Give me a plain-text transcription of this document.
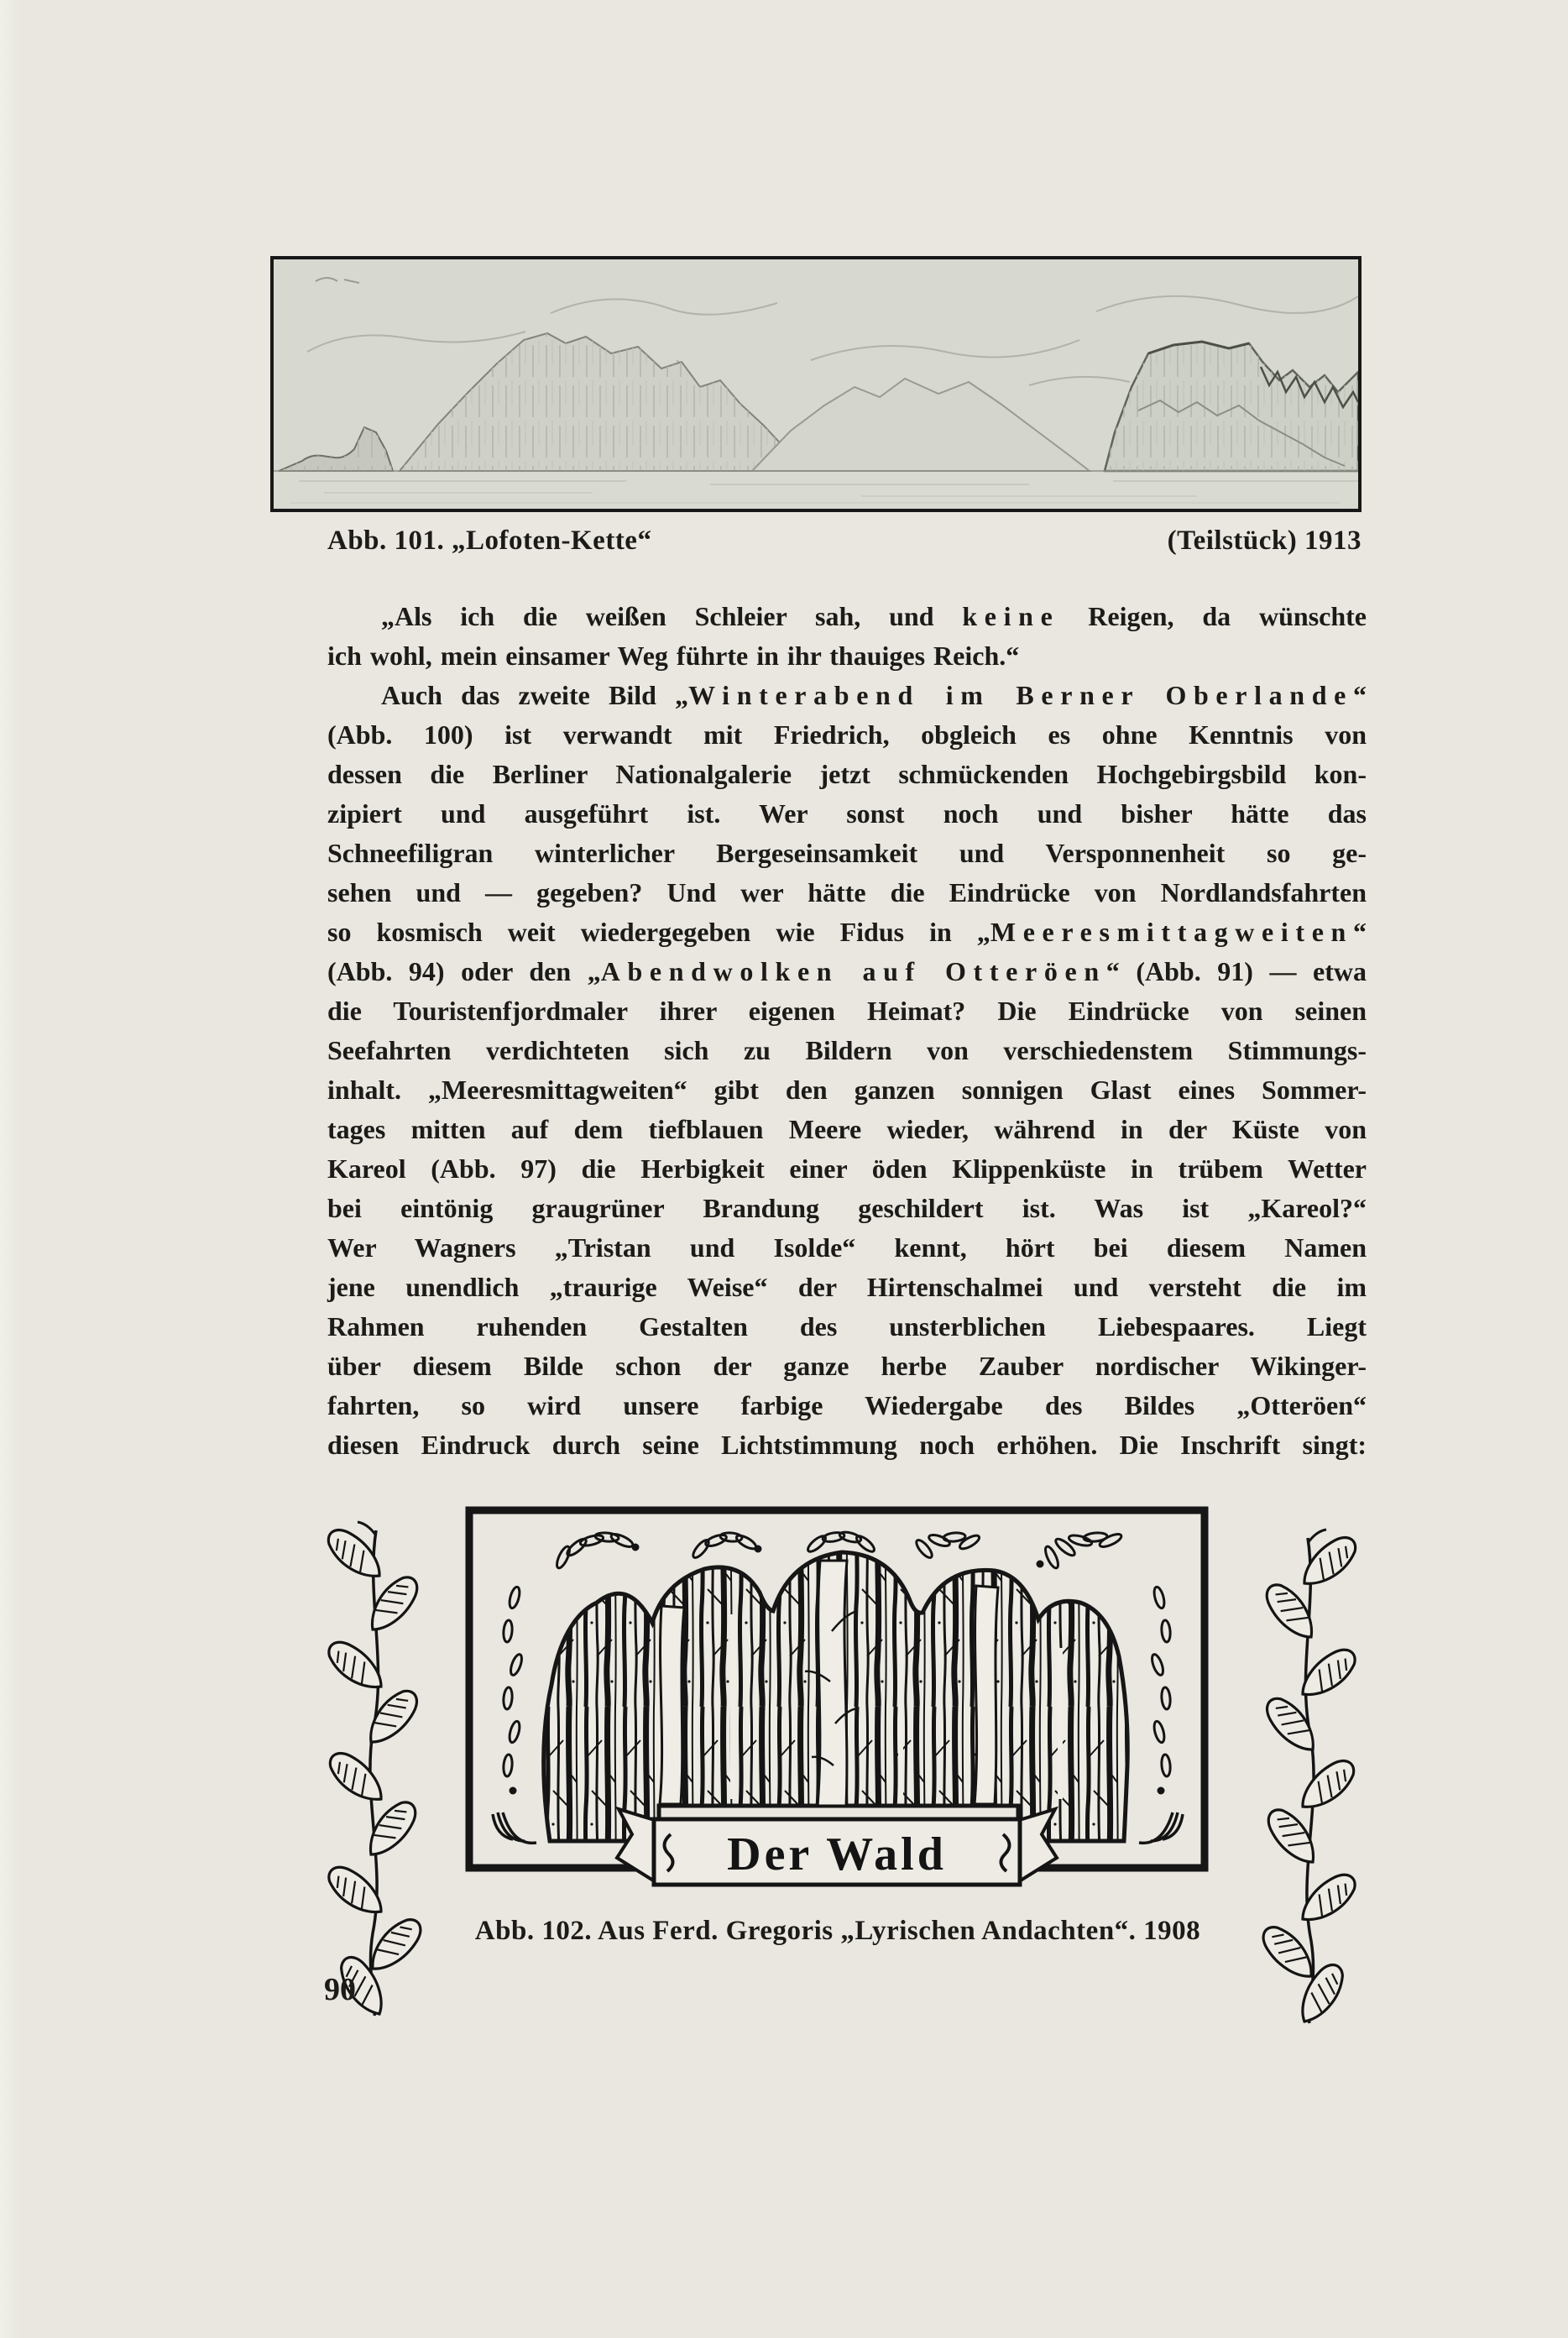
Abb. 101. „Lofoten-Kette“	(Teilstück) 1913
„Als ich die weißen Schleier sah, und keine Reigen, da wünschte
ich wohl, mein einsamer Weg führte in ihr thauiges Reich.“
Auch das zweite Bild „Winterabend im Berner Oberlande“
(Abb. 100) ist verwandt mit Friedrich, obgleich es ohne Kenntnis von
dessen die Berliner Nationalgalerie jetzt schmückenden Hochgebirgsbild kon-
zipiert und ausgeführt ist. Wer sonst noch und bisher hätte das
Schneefiligran winterlicher Bergeseinsamkeit und Versponnenheit so ge-
sehen und — gegeben? Und wer hätte die Eindrücke von Nordlandsfahrten
so kosmisch weit wiedergegeben wie Fidus in „Meeresmittagweiten“
(Abb. 94) oder den „Abendwolken auf Otteröen“ (Abb. 91) — etwa
die Touristenfjordmaler ihrer eigenen Heimat? Die Eindrücke von seinen
Seefahrten verdichteten sich zu Bildern von verschiedenstem Stimmungs-
inhalt. „Meeresmittagweiten“ gibt den ganzen sonnigen Glast eines Sommer-
tages mitten auf dem tiefblauen Meere wieder, während in der Küste von
Kareol (Abb. 97) die Herbigkeit einer öden Klippenküste in trübem Wetter
bei eintönig graugrüner Brandung geschildert ist. Was ist „Kareol?“
Wer Wagners „Tristan und Isolde“ kennt, hört bei diesem Namen
jene unendlich „traurige Weise“ der Hirtenschalmei und versteht die im
Rahmen ruhenden Gestalten des unsterblichen Liebespaares. Liegt
über diesem Bilde schon der ganze herbe Zauber nordischer Wikinger-
fahrten, so wird unsere farbige Wiedergabe des Bildes „Otteröen“
diesen Eindruck durch seine Lichtstimmung noch erhöhen. Die Inschrift singt:
Der Wald
Abb. 102. Aus Ferd. Gregoris „Lyrischen Andachten“. 1908
90
